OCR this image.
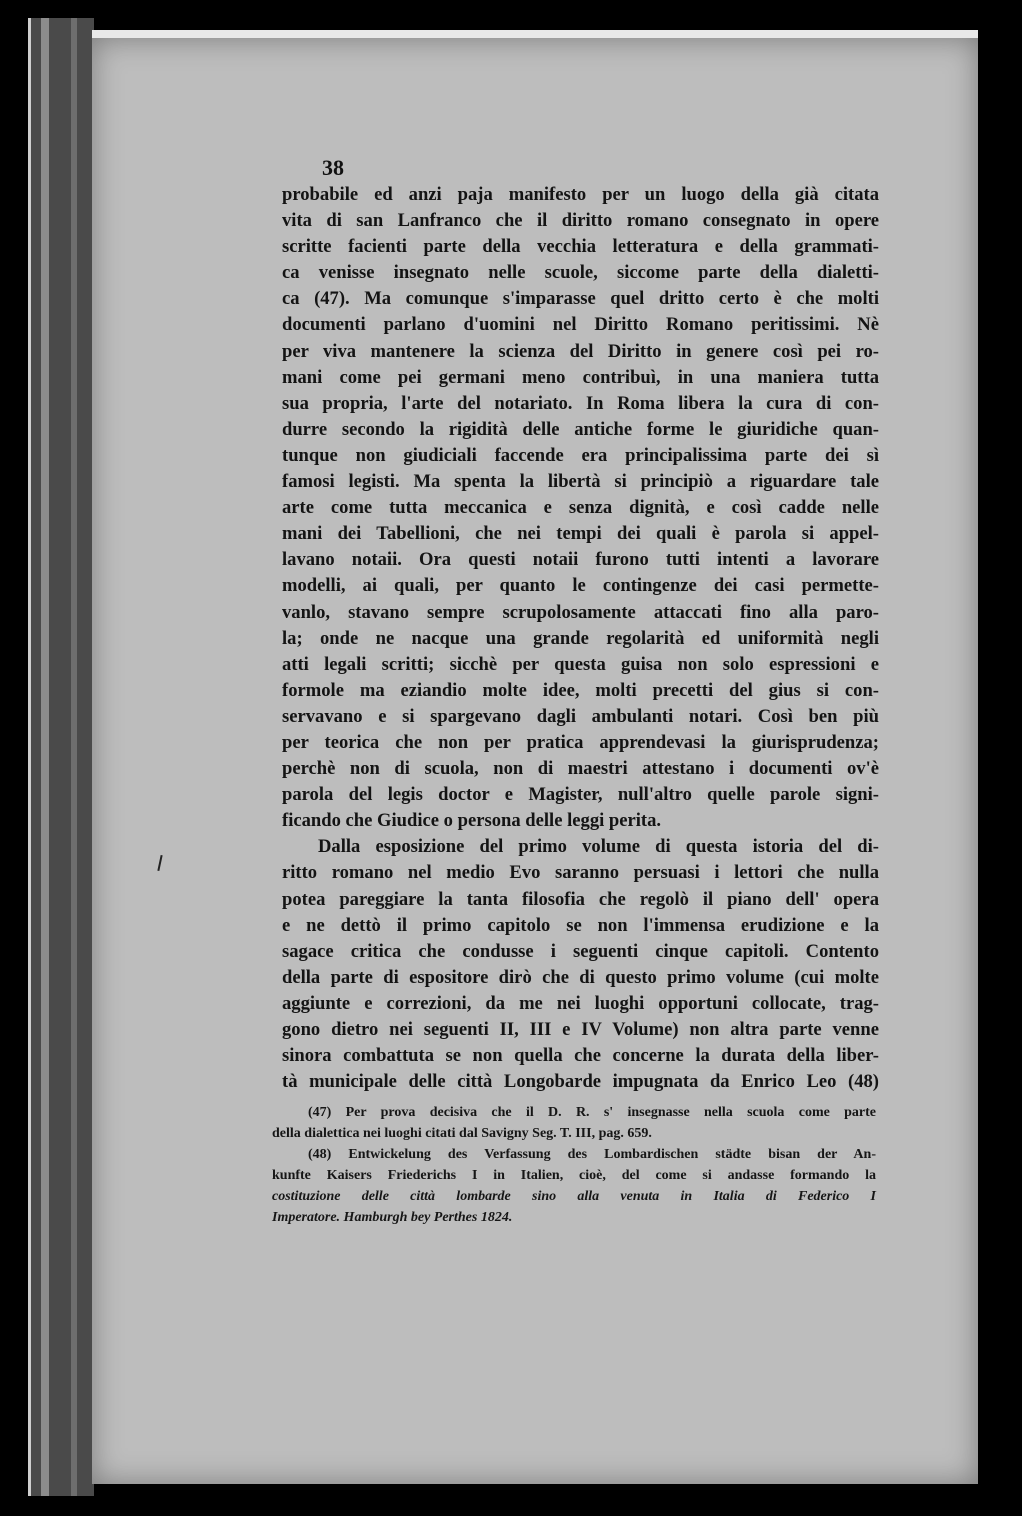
38
probabile ed anzi paja manifesto per un luogo della già citata
vita di san Lanfranco che il diritto romano consegnato in opere
scritte facienti parte della vecchia letteratura e della grammati-
ca venisse insegnato nelle scuole, siccome parte della dialetti-
ca (47). Ma comunque s'imparasse quel dritto certo è che molti
documenti parlano d'uomini nel Diritto Romano peritissimi. Nè
per viva mantenere la scienza del Diritto in genere così pei ro-
mani come pei germani meno contribuì, in una maniera tutta
sua propria, l'arte del notariato. In Roma libera la cura di con-
durre secondo la rigidità delle antiche forme le giuridiche quan-
tunque non giudiciali faccende era principalissima parte dei sì
famosi legisti. Ma spenta la libertà si principiò a riguardare tale
arte come tutta meccanica e senza dignità, e così cadde nelle
mani dei Tabellioni, che nei tempi dei quali è parola si appel-
lavano notaii. Ora questi notaii furono tutti intenti a lavorare
modelli, ai quali, per quanto le contingenze dei casi permette-
vanlo, stavano sempre scrupolosamente attaccati fino alla paro-
la; onde ne nacque una grande regolarità ed uniformità negli
atti legali scritti; sicchè per questa guisa non solo espressioni e
formole ma eziandio molte idee, molti precetti del gius si con-
servavano e si spargevano dagli ambulanti notari. Così ben più
per teorica che non per pratica apprendevasi la giurisprudenza;
perchè non di scuola, non di maestri attestano i documenti ov'è
parola del legis doctor e Magister, null'altro quelle parole signi-
ficando che Giudice o persona delle leggi perita.
Dalla esposizione del primo volume di questa istoria del di-
ritto romano nel medio Evo saranno persuasi i lettori che nulla
potea pareggiare la tanta filosofia che regolò il piano dell' opera
e ne dettò il primo capitolo se non l'immensa erudizione e la
sagace critica che condusse i seguenti cinque capitoli. Contento
della parte di espositore dirò che di questo primo volume (cui molte
aggiunte e correzioni, da me nei luoghi opportuni collocate, trag-
gono dietro nei seguenti II, III e IV Volume) non altra parte venne
sinora combattuta se non quella che concerne la durata della liber-
tà municipale delle città Longobarde impugnata da Enrico Leo (48)
(47) Per prova decisiva che il D. R. s' insegnasse nella scuola come parte
della dialettica nei luoghi citati dal Savigny Seg. T. III, pag. 659.
(48) Entwickelung des Verfassung des Lombardischen städte bisan der An-
kunfte Kaisers Friederichs I in Italien, cioè, del come si andasse formando la
costituzione delle città lombarde sino alla venuta in Italia di Federico I
Imperatore. Hamburgh bey Perthes 1824.
